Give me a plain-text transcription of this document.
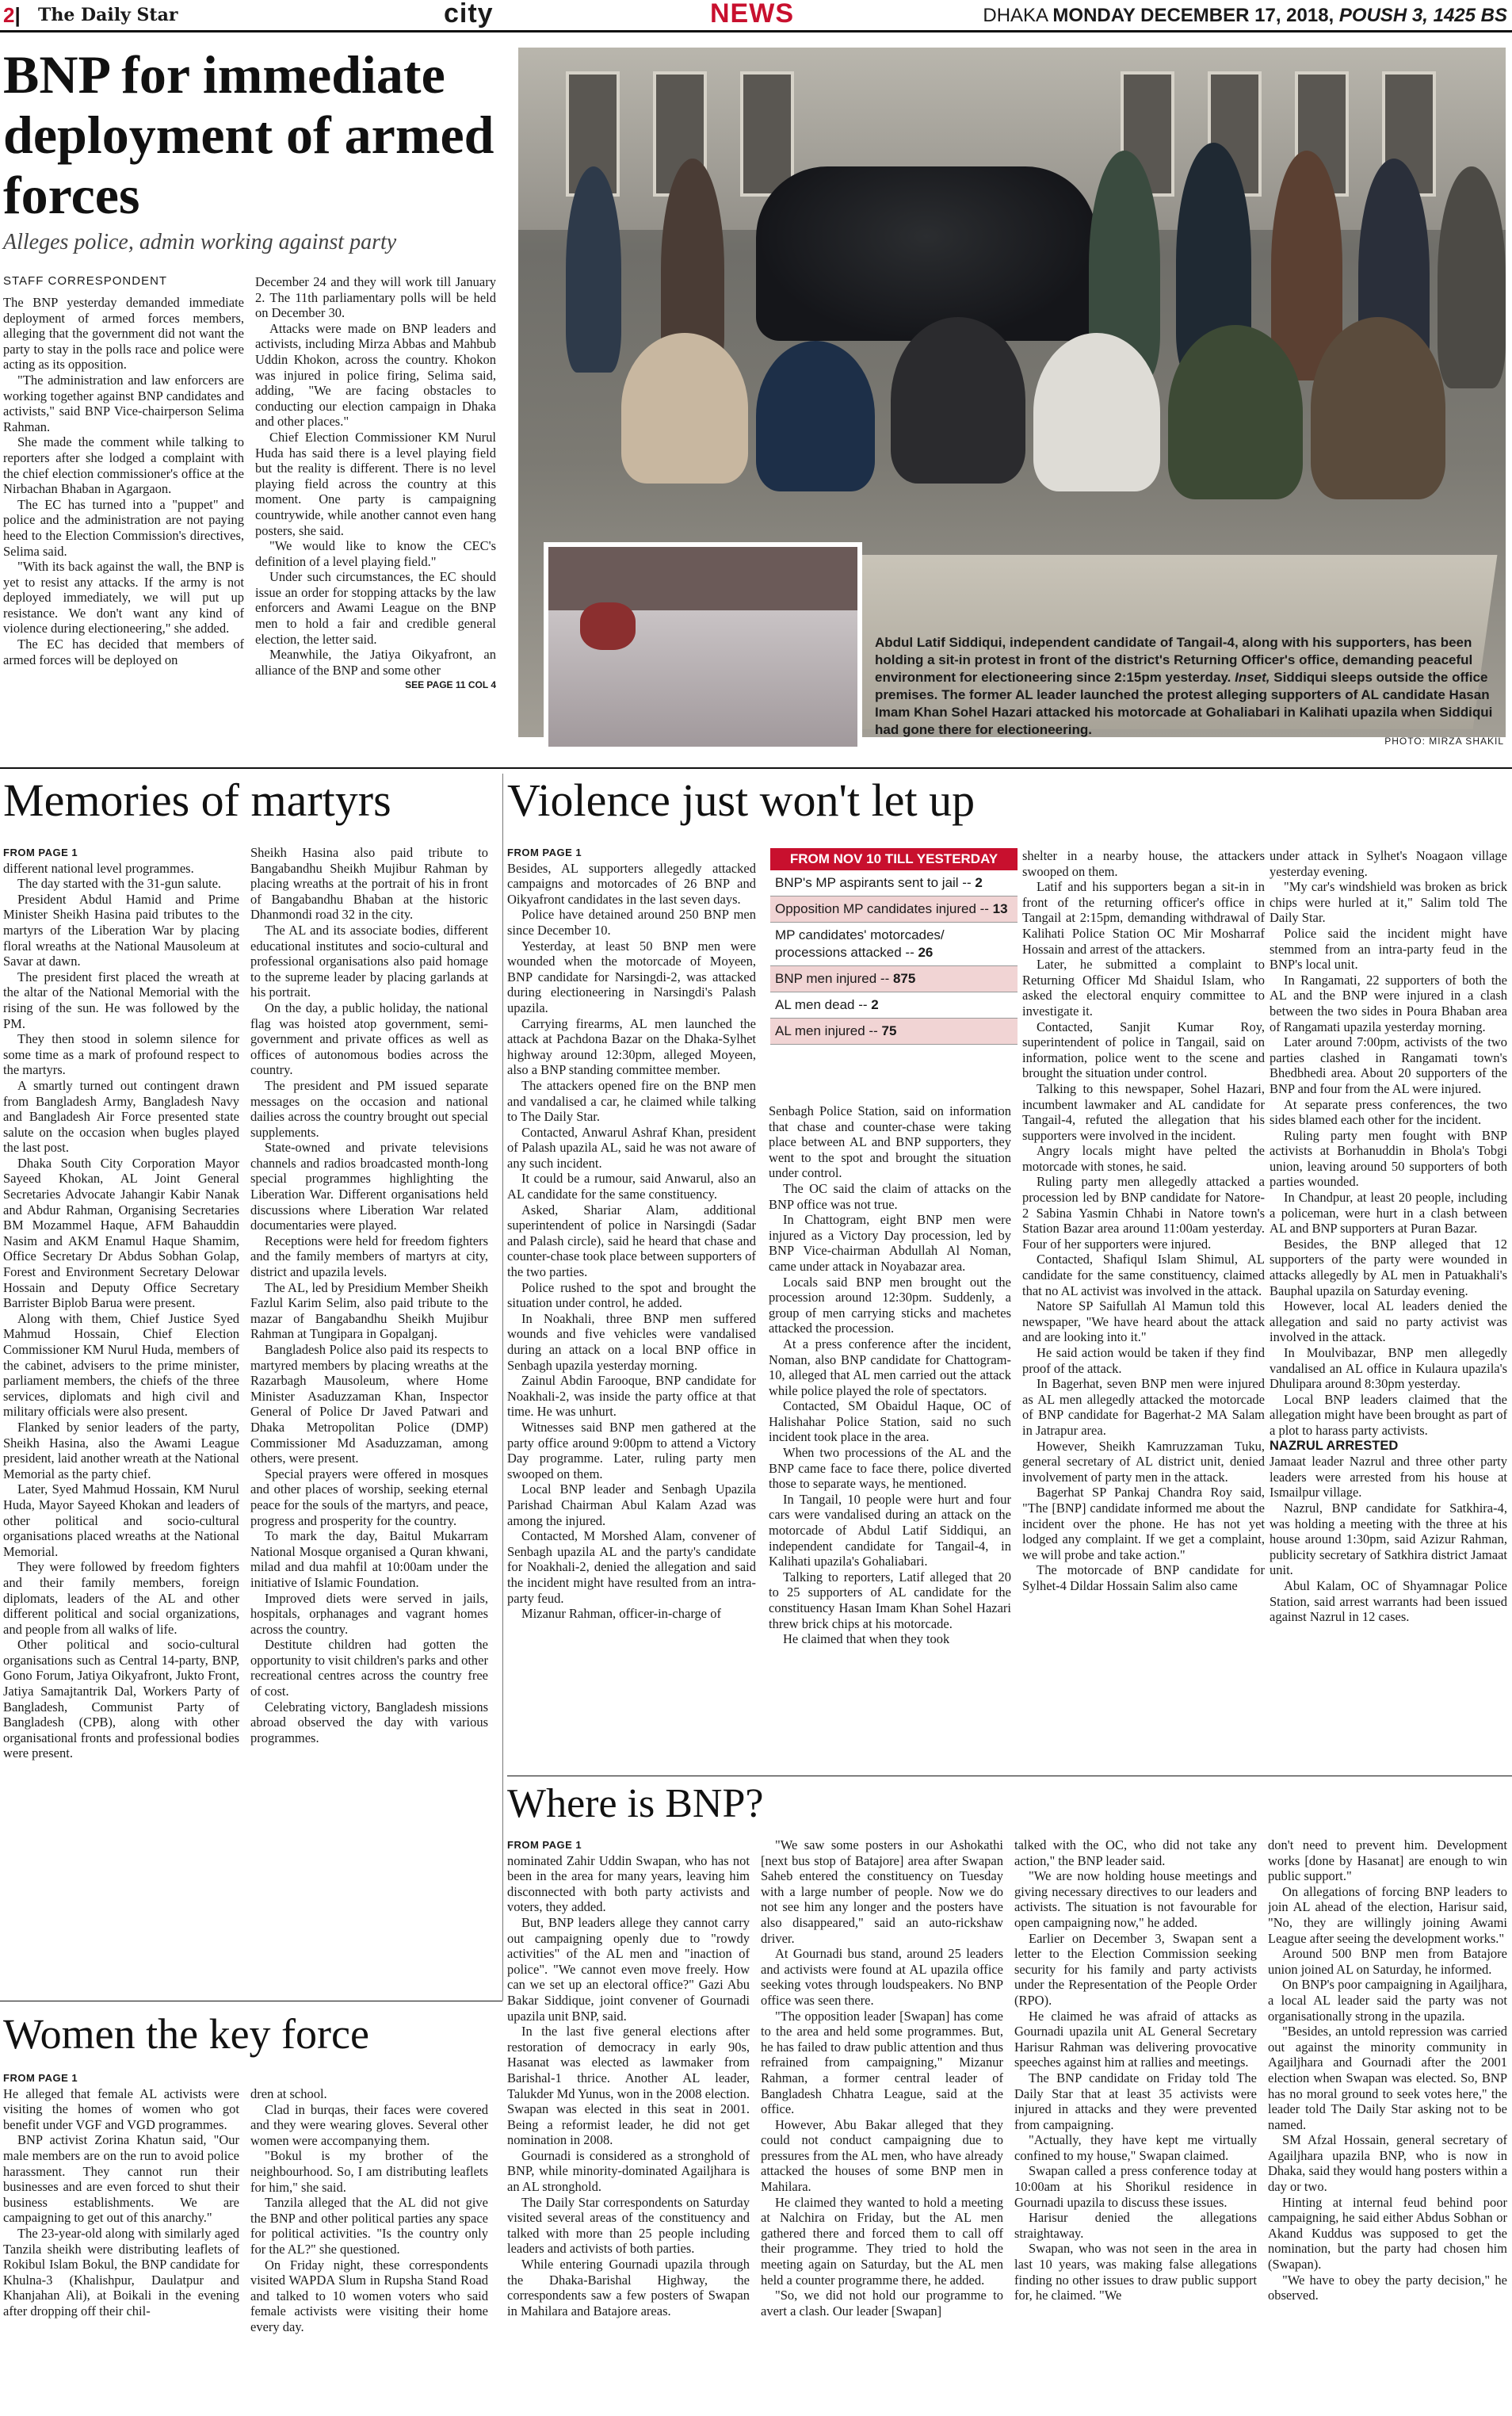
2| The Daily Star	city	NEWS	DHAKA MONDAY DECEMBER 17, 2018, POUSH 3, 1425 BS
BNP for immediate deployment of armed forces
Alleges police, admin working against party
STAFF CORRESPONDENT

The BNP yesterday demanded immediate deployment of armed forces members, alleging that the government did not want the party to stay in the polls race and police were acting as its opposition.

"The administration and law enforcers are working together against BNP candidates and activists," said BNP Vice-chairperson Selima Rahman.

She made the comment while talking to reporters after she lodged a complaint with the chief election commissioner's office at the Nirbachan Bhaban in Agargaon.

The EC has turned into a "puppet" and police and the administration are not paying heed to the Election Commission's directives, Selima said.

"With its back against the wall, the BNP is yet to resist any attacks. If the army is not deployed immediately, we will put up resistance. We don't want any kind of violence during electioneering," she added.

The EC has decided that members of armed forces will be deployed on

December 24 and they will work till January 2. The 11th parliamentary polls will be held on December 30.

Attacks were made on BNP leaders and activists, including Mirza Abbas and Mahbub Uddin Khokon, across the country. Khokon was injured in police firing, Selima said, adding, "We are facing obstacles to conducting our election campaign in Dhaka and other places."

Chief Election Commissioner KM Nurul Huda has said there is a level playing field but the reality is different. There is no level playing field across the country at this moment. One party is campaigning countrywide, while another cannot even hang posters, she said.

"We would like to know the CEC's definition of a level playing field."

Under such circumstances, the EC should issue an order for stopping attacks by the law enforcers and Awami League on the BNP men to hold a fair and credible general election, the letter said.

Meanwhile, the Jatiya Oikyafront, an alliance of the BNP and some other

SEE PAGE 11 COL 4

Abdul Latif Siddiqui, independent candidate of Tangail-4, along with his supporters, has been holding a sit-in protest in front of the district's Returning Officer's office, demanding peaceful environment for electioneering since 2:15pm yesterday. Inset, Siddiqui sleeps outside the office premises. The former AL leader launched the protest alleging supporters of AL candidate Hasan Imam Khan Sohel Hazari attacked his motorcade at Gohaliabari in Kalihati upazila when Siddiqui had gone there for electioneering.
PHOTO: MIRZA SHAKIL
Memories of martyrs

FROM PAGE 1

different national level programmes.

The day started with the 31-gun salute.

President Abdul Hamid and Prime Minister Sheikh Hasina paid tributes to the martyrs of the Liberation War by placing floral wreaths at the National Mausoleum at Savar at dawn.

The president first placed the wreath at the altar of the National Memorial with the rising of the sun. He was followed by the PM.

They then stood in solemn silence for some time as a mark of profound respect to the martyrs.

A smartly turned out contingent drawn from Bangladesh Army, Bangladesh Navy and Bangladesh Air Force presented state salute on the occasion when bugles played the last post.

Dhaka South City Corporation Mayor Sayeed Khokan, AL Joint General Secretaries Advocate Jahangir Kabir Nanak and Abdur Rahman, Organising Secretaries BM Mozammel Haque, AFM Bahauddin Nasim and AKM Enamul Haque Shamim, Office Secretary Dr Abdus Sobhan Golap, Forest and Environment Secretary Delowar Hossain and Deputy Office Secretary Barrister Biplob Barua were present.

Along with them, Chief Justice Syed Mahmud Hossain, Chief Election Commissioner KM Nurul Huda, members of the cabinet, advisers to the prime minister, parliament members, the chiefs of the three services, diplomats and high civil and military officials were also present.

Flanked by senior leaders of the party, Sheikh Hasina, also the Awami League president, laid another wreath at the National Memorial as the party chief.

Later, Syed Mahmud Hossain, KM Nurul Huda, Mayor Sayeed Khokan and leaders of other political and socio-cultural organisations placed wreaths at the National Memorial.

They were followed by freedom fighters and their family members, foreign diplomats, leaders of the AL and other different political and social organizations, and people from all walks of life.

Other political and socio-cultural organisations such as Central 14-party, BNP, Gono Forum, Jatiya Oikyafront, Jukto Front, Jatiya Samajtantrik Dal, Workers Party of Bangladesh, Communist Party of Bangladesh (CPB), along with other organisational fronts and professional bodies were present.

Sheikh Hasina also paid tribute to Bangabandhu Sheikh Mujibur Rahman by placing wreaths at the portrait of his in front of Bangabandhu Bhaban at the historic Dhanmondi road 32 in the city.

The AL and its associate bodies, different educational institutes and socio-cultural and professional organisations also paid homage to the supreme leader by placing garlands at his portrait.

On the day, a public holiday, the national flag was hoisted atop government, semi-government and private offices as well as offices of autonomous bodies across the country.

The president and PM issued separate messages on the occasion and national dailies across the country brought out special supplements.

State-owned and private televisions channels and radios broadcasted month-long special programmes highlighting the Liberation War. Different organisations held discussions where Liberation War related documentaries were played.

Receptions were held for freedom fighters and the family members of martyrs at city, district and upazila levels.

The AL, led by Presidium Member Sheikh Fazlul Karim Selim, also paid tribute to the mazar of Bangabandhu Sheikh Mujibur Rahman at Tungipara in Gopalganj.

Bangladesh Police also paid its respects to martyred members by placing wreaths at the Razarbagh Mausoleum, where Home Minister Asaduzzaman Khan, Inspector General of Police Dr Javed Patwari and Dhaka Metropolitan Police (DMP) Commissioner Md Asaduzzaman, among others, were present.

Special prayers were offered in mosques and other places of worship, seeking eternal peace for the souls of the martyrs, and peace, progress and prosperity for the country.

To mark the day, Baitul Mukarram National Mosque organised a Quran khwani, milad and dua mahfil at 10:00am under the initiative of Islamic Foundation.

Improved diets were served in jails, hospitals, orphanages and vagrant homes across the country.

Destitute children had gotten the opportunity to visit children's parks and other recreational centres across the country free of cost.

Celebrating victory, Bangladesh missions abroad observed the day with various programmes.

Violence just won't let up

FROM PAGE 1

Besides, AL supporters allegedly attacked campaigns and motorcades of 26 BNP and Oikyafront candidates in the last seven days.

Police have detained around 250 BNP men since December 10.

Yesterday, at least 50 BNP men were wounded when the motorcade of Moyeen, BNP candidate for Narsingdi-2, was attacked during electioneering in Narsingdi's Palash upazila.

Carrying firearms, AL men launched the attack at Pachdona Bazar on the Dhaka-Sylhet highway around 12:30pm, alleged Moyeen, also a BNP standing committee member.

The attackers opened fire on the BNP men and vandalised a car, he claimed while talking to The Daily Star.

Contacted, Anwarul Ashraf Khan, president of Palash upazila AL, said he was not aware of any such incident.

It could be a rumour, said Anwarul, also an AL candidate for the same constituency.

Asked, Shariar Alam, additional superintendent of police in Narsingdi (Sadar and Palash circle), said he heard that chase and counter-chase took place between supporters of the two parties.

Police rushed to the spot and brought the situation under control, he added.

In Noakhali, three BNP men suffered wounds and five vehicles were vandalised during an attack on a local BNP office in Senbagh upazila yesterday morning.

Zainul Abdin Farooque, BNP candidate for Noakhali-2, was inside the party office at that time. He was unhurt.

Witnesses said BNP men gathered at the party office around 9:00pm to attend a Victory Day programme. Later, ruling party men swooped on them.

Local BNP leader and Senbagh Upazila Parishad Chairman Abul Kalam Azad was among the injured.

Contacted, M Morshed Alam, convener of Senbagh upazila AL and the party's candidate for Noakhali-2, denied the allegation and said the incident might have resulted from an intra-party feud.

Mizanur Rahman, officer-in-charge of

FROM NOV 10 TILL YESTERDAY
BNP's MP aspirants sent to jail -- 2
Opposition MP candidates injured -- 13
MP candidates' motorcades/ processions attacked -- 26
BNP men injured -- 875
AL men dead -- 2
AL men injured -- 75

Senbagh Police Station, said on information that chase and counter-chase were taking place between AL and BNP supporters, they went to the spot and brought the situation under control.

The OC said the claim of attacks on the BNP office was not true.

In Chattogram, eight BNP men were injured as a Victory Day procession, led by BNP Vice-chairman Abdullah Al Noman, came under attack in Noyabazar area.

Locals said BNP men brought out the procession around 12:30pm. Suddenly, a group of men carrying sticks and machetes attacked the procession.

At a press conference after the incident, Noman, also BNP candidate for Chattogram-10, alleged that AL men carried out the attack while police played the role of spectators.

Contacted, SM Obaidul Haque, OC of Halishahar Police Station, said no such incident took place in the area.

When two processions of the AL and the BNP came face to face there, police diverted those to separate ways, he mentioned.

In Tangail, 10 people were hurt and four cars were vandalised during an attack on the motorcade of Abdul Latif Siddiqui, an independent candidate for Tangail-4, in Kalihati upazila's Gohaliabari.

Talking to reporters, Latif alleged that 20 to 25 supporters of AL candidate for the constituency Hasan Imam Khan Sohel Hazari threw brick chips at his motorcade.

He claimed that when they took

shelter in a nearby house, the attackers swooped on them.

Latif and his supporters began a sit-in in front of the returning officer's office in Tangail at 2:15pm, demanding withdrawal of Kalihati Police Station OC Mir Mosharraf Hossain and arrest of the attackers.

Later, he submitted a complaint to Returning Officer Md Shaidul Islam, who asked the electoral enquiry committee to investigate it.

Contacted, Sanjit Kumar Roy, superintendent of police in Tangail, said on information, police went to the scene and brought the situation under control.

Talking to this newspaper, Sohel Hazari, incumbent lawmaker and AL candidate for Tangail-4, refuted the allegation that his supporters were involved in the incident.

Angry locals might have pelted the motorcade with stones, he said.

Ruling party men allegedly attacked a procession led by BNP candidate for Natore- 2 Sabina Yasmin Chhabi in Natore town's Station Bazar area around 11:00am yesterday. Four of her supporters were injured.

Contacted, Shafiqul Islam Shimul, AL candidate for the same constituency, claimed that no AL activist was involved in the attack.

Natore SP Saifullah Al Mamun told this newspaper, "We have heard about the attack and are looking into it."

He said action would be taken if they find proof of the attack.

In Bagerhat, seven BNP men were injured as AL men allegedly attacked the motorcade of BNP candidate for Bagerhat-2 MA Salam in Jatrapur area.

However, Sheikh Kamruzzaman Tuku, general secretary of AL district unit, denied involvement of party men in the attack.

Bagerhat SP Pankaj Chandra Roy said, "The [BNP] candidate informed me about the incident over the phone. He has not yet lodged any complaint. If we get a complaint, we will probe and take action."

The motorcade of BNP candidate for Sylhet-4 Dildar Hossain Salim also came

under attack in Sylhet's Noagaon village yesterday evening.

"My car's windshield was broken as brick chips were hurled at it," Salim told The Daily Star.

Police said the incident might have stemmed from an intra-party feud in the BNP's local unit.

In Rangamati, 22 supporters of both the AL and the BNP were injured in a clash between the two sides in Poura Bhaban area of Rangamati upazila yesterday morning.

Later around 7:00pm, activists of the two parties clashed in Rangamati town's Bhedbhedi area. About 20 supporters of the BNP and four from the AL were injured.

At separate press conferences, the two sides blamed each other for the incident.

Ruling party men fought with BNP activists at Borhanuddin in Bhola's Tobgi union, leaving around 50 supporters of both parties wounded.

In Chandpur, at least 20 people, including a policeman, were hurt in a clash between AL and BNP supporters at Puran Bazar.

Besides, the BNP alleged that 12 supporters of the party were wounded in attacks allegedly by AL men in Patuakhali's Bauphal upazila on Saturday evening.

However, local AL leaders denied the allegation and said no party activist was involved in the attack.

In Moulvibazar, BNP men allegedly vandalised an AL office in Kulaura upazila's Dhulipara around 8:30pm yesterday.

Local BNP leaders claimed that the allegation might have been brought as part of a plot to harass party activists.

NAZRUL ARRESTED

Jamaat leader Nazrul and three other party leaders were arrested from his house at Ismailpur village.

Nazrul, BNP candidate for Satkhira-4, was holding a meeting with the three at his house around 1:30pm, said Azizur Rahman, publicity secretary of Satkhira district Jamaat unit.

Abul Kalam, OC of Shyamnagar Police Station, said arrest warrants had been issued against Nazrul in 12 cases.

Where is BNP?

FROM PAGE 1

nominated Zahir Uddin Swapan, who has not been in the area for many years, leaving him disconnected with both party activists and voters, they added.

But, BNP leaders allege they cannot carry out campaigning openly due to "rowdy activities" of the AL men and "inaction of police". "We cannot even move freely. How can we set up an electoral office?" Gazi Abu Bakar Siddique, joint convener of Gournadi upazila unit BNP, said.

In the last five general elections after restoration of democracy in early 90s, Hasanat was elected as lawmaker from Barishal-1 thrice. Another AL leader, Talukder Md Yunus, won in the 2008 election. Swapan was elected in this seat in 2001. Being a reformist leader, he did not get nomination in 2008.

Gournadi is considered as a stronghold of BNP, while minority-dominated Agailjhara is an AL stronghold.

The Daily Star correspondents on Saturday visited several areas of the constituency and talked with more than 25 people including leaders and activists of both parties.

While entering Gournadi upazila through the Dhaka-Barishal Highway, the correspondents saw a few posters of Swapan in Mahilara and Batajore areas.

"We saw some posters in our Ashokathi [next bus stop of Batajore] area after Swapan Saheb entered the constituency on Tuesday with a large number of people. Now we do not see him any longer and the posters have also disappeared," said an auto-rickshaw driver.

At Gournadi bus stand, around 25 leaders and activists were found at AL upazila office seeking votes through loudspeakers. No BNP office was seen there.

"The opposition leader [Swapan] has come to the area and held some programmes. But, he has failed to draw public attention and thus refrained from campaigning," Mizanur Rahman, a former central leader of Bangladesh Chhatra League, said at the office.

However, Abu Bakar alleged that they could not conduct campaigning due to pressures from the AL men, who have already attacked the houses of some BNP men in Mahilara.

He claimed they wanted to hold a meeting at Nalchira on Friday, but the AL men gathered there and forced them to call off their programme. They tried to hold the meeting again on Saturday, but the AL men held a counter programme there, he added.

"So, we did not hold our programme to avert a clash. Our leader [Swapan]

talked with the OC, who did not take any action," the BNP leader said.

"We are now holding house meetings and giving necessary directives to our leaders and activists. The situation is not favourable for open campaigning now," he added.

Earlier on December 3, Swapan sent a letter to the Election Commission seeking security for his family and party activists under the Representation of the People Order (RPO).

He claimed he was afraid of attacks as Gournadi upazila unit AL General Secretary Harisur Rahman was delivering provocative speeches against him at rallies and meetings.

The BNP candidate on Friday told The Daily Star that at least 35 activists were injured in attacks and they were prevented from campaigning.

"Actually, they have kept me virtually confined to my house," Swapan claimed.

Swapan called a press conference today at 10:00am at his Shorikul residence in Gournadi upazila to discuss these issues.

Harisur denied the allegations straightaway.

Swapan, who was not seen in the area in last 10 years, was making false allegations finding no other issues to draw public support for, he claimed. "We

don't need to prevent him. Development works [done by Hasanat] are enough to win public support."

On allegations of forcing BNP leaders to join AL ahead of the election, Harisur said, "No, they are willingly joining Awami League after seeing the development works."

Around 500 BNP men from Batajore union joined AL on Saturday, he informed.

On BNP's poor campaigning in Agailjhara, a local AL leader said the party was not organisationally strong in the upazila.

"Besides, an untold repression was carried out against the minority community in Agailjhara and Gournadi after the 2001 election when Swapan was elected. So, BNP has no moral ground to seek votes here," the leader told The Daily Star asking not to be named.

SM Afzal Hossain, general secretary of Agailjhara upazila BNP, who is now in Dhaka, said they would hang posters within a day or two.

Hinting at internal feud behind poor campaigning, he said either Abdus Sobhan or Akand Kuddus was supposed to get the nomination, but the party had chosen him (Swapan).

"We have to obey the party decision," he observed.

Women the key force

FROM PAGE 1

He alleged that female AL activists were visiting the homes of women who got benefit under VGF and VGD programmes.

BNP activist Zorina Khatun said, "Our male members are on the run to avoid police harassment. They cannot run their businesses and are even forced to shut their business establishments. We are campaigning to get out of this anarchy."

The 23-year-old along with similarly aged Tanzila sheikh were distributing leaflets of Rokibul Islam Bokul, the BNP candidate for Khulna-3 (Khalishpur, Daulatpur and Khanjahan Ali), at Boikali in the evening after dropping off their chil-

dren at school.

Clad in burqas, their faces were covered and they were wearing gloves. Several other women were accompanying them.

"Bokul is my brother of the neighbourhood. So, I am distributing leaflets for him," she said.

Tanzila alleged that the AL did not give the BNP and other political parties any space for political activities. "Is the country only for the AL?" she questioned.

On Friday night, these correspondents visited WAPDA Slum in Rupsha Stand Road and talked to 10 women voters who said female activists were visiting their home every day.
